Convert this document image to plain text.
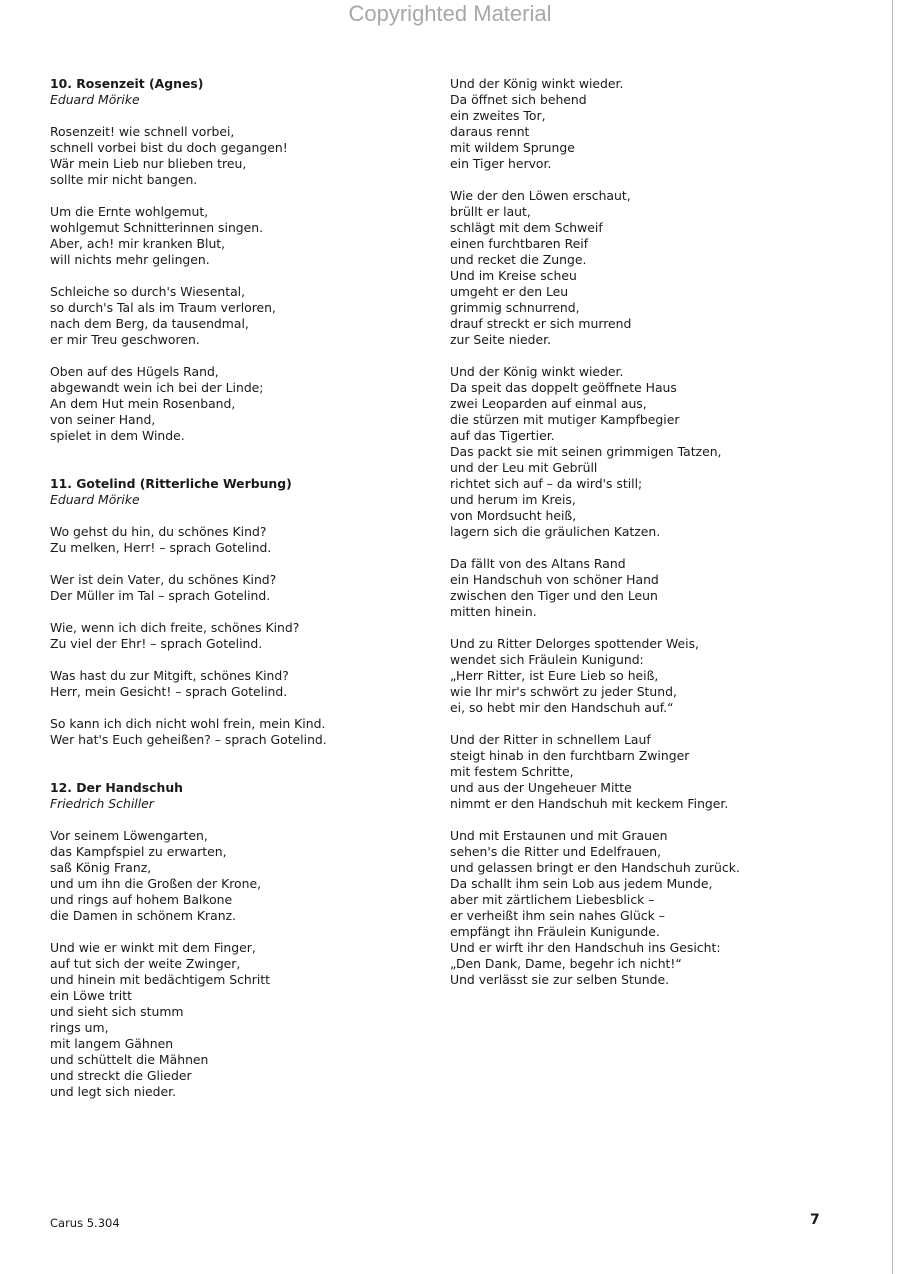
Copyrighted Material
10. Rosenzeit (Agnes)
Eduard Mörike
Rosenzeit! wie schnell vorbei,
schnell vorbei bist du doch gegangen!
Wär mein Lieb nur blieben treu,
sollte mir nicht bangen.
Um die Ernte wohlgemut,
wohlgemut Schnitterinnen singen.
Aber, ach! mir kranken Blut,
will nichts mehr gelingen.
Schleiche so durch's Wiesental,
so durch's Tal als im Traum verloren,
nach dem Berg, da tausendmal,
er mir Treu geschworen.
Oben auf des Hügels Rand,
abgewandt wein ich bei der Linde;
An dem Hut mein Rosenband,
von seiner Hand,
spielet in dem Winde.
11. Gotelind (Ritterliche Werbung)
Eduard Mörike
Wo gehst du hin, du schönes Kind?
Zu melken, Herr! – sprach Gotelind.
Wer ist dein Vater, du schönes Kind?
Der Müller im Tal – sprach Gotelind.
Wie, wenn ich dich freite, schönes Kind?
Zu viel der Ehr! – sprach Gotelind.
Was hast du zur Mitgift, schönes Kind?
Herr, mein Gesicht! – sprach Gotelind.
So kann ich dich nicht wohl frein, mein Kind.
Wer hat's Euch geheißen? – sprach Gotelind.
12. Der Handschuh
Friedrich Schiller
Vor seinem Löwengarten,
das Kampfspiel zu erwarten,
saß König Franz,
und um ihn die Großen der Krone,
und rings auf hohem Balkone
die Damen in schönem Kranz.
Und wie er winkt mit dem Finger,
auf tut sich der weite Zwinger,
und hinein mit bedächtigem Schritt
ein Löwe tritt
und sieht sich stumm
rings um,
mit langem Gähnen
und schüttelt die Mähnen
und streckt die Glieder
und legt sich nieder.
Und der König winkt wieder.
Da öffnet sich behend
ein zweites Tor,
daraus rennt
mit wildem Sprunge
ein Tiger hervor.
Wie der den Löwen erschaut,
brüllt er laut,
schlägt mit dem Schweif
einen furchtbaren Reif
und recket die Zunge.
Und im Kreise scheu
umgeht er den Leu
grimmig schnurrend,
drauf streckt er sich murrend
zur Seite nieder.
Und der König winkt wieder.
Da speit das doppelt geöffnete Haus
zwei Leoparden auf einmal aus,
die stürzen mit mutiger Kampfbegier
auf das Tigertier.
Das packt sie mit seinen grimmigen Tatzen,
und der Leu mit Gebrüll
richtet sich auf – da wird's still;
und herum im Kreis,
von Mordsucht heiß,
lagern sich die gräulichen Katzen.
Da fällt von des Altans Rand
ein Handschuh von schöner Hand
zwischen den Tiger und den Leun
mitten hinein.
Und zu Ritter Delorges spottender Weis,
wendet sich Fräulein Kunigund:
„Herr Ritter, ist Eure Lieb so heiß,
wie Ihr mir's schwört zu jeder Stund,
ei, so hebt mir den Handschuh auf.“
Und der Ritter in schnellem Lauf
steigt hinab in den furchtbarn Zwinger
mit festem Schritte,
und aus der Ungeheuer Mitte
nimmt er den Handschuh mit keckem Finger.
Und mit Erstaunen und mit Grauen
sehen's die Ritter und Edelfrauen,
und gelassen bringt er den Handschuh zurück.
Da schallt ihm sein Lob aus jedem Munde,
aber mit zärtlichem Liebesblick –
er verheißt ihm sein nahes Glück –
empfängt ihn Fräulein Kunigunde.
Und er wirft ihr den Handschuh ins Gesicht:
„Den Dank, Dame, begehr ich nicht!“
Und verlässt sie zur selben Stunde.
Carus 5.304	7
